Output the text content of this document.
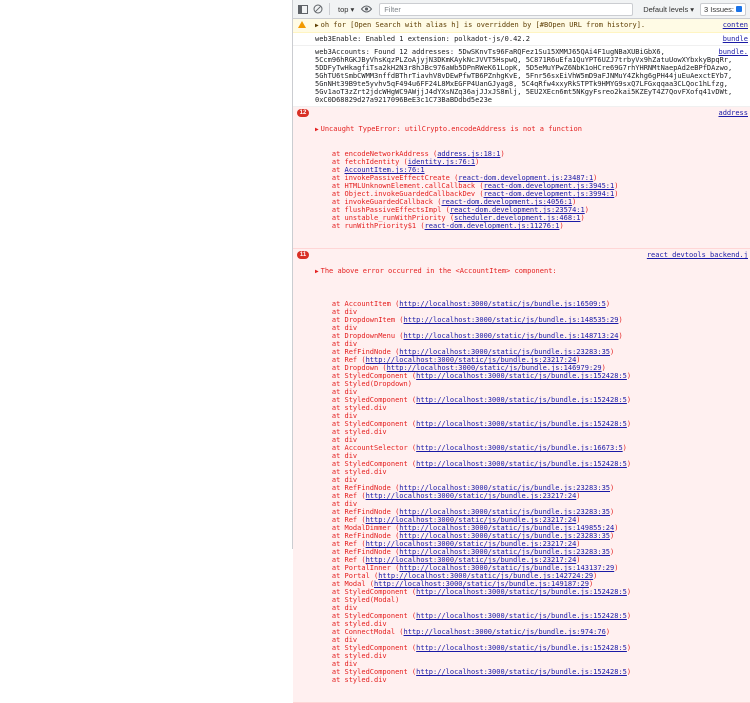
top ▾	Filter	Default levels ▾ 3 Issues:
▶ oh for [Open Search with alias h] is overridden by [#BOpen URL from history].	conten
web3Enable: Enabled 1 extension: polkadot-js/0.42.2	bundle
web3Accounts: Found 12 addresses: 5DwSKnvTs96FaRQFez1Su15XMMJ65QAi4F1ugNBaXUBiGbX6,
5Ccm96hRGKJByVhsKqzPLZoAjyjN3DKmKAykNcJVVT5HspwQ, 5C871R6uEfa1QuYPT6UZJ7trbyVx9hZatuUowXYbxkyBpqRr,
5DDFyTwHkagfiTsa2kH2N3r8hJBc976aWb5DPnRWeK61LopK, 5D5eMuYPwZ6NbK1oHCre69G7rhYHRNMtNaepAd2eBPfDAzwo,
5GhTU6tSmbCWMM3nffdBThrTiavhV8vDEwPfwTB6PZnhgKvE, 5Fnr56sxEiVhW5mD9aFJNMuY4Zkhg6gPH44juEuAexctEYb7,
5GnNHt39B9te5yvhv5qF494u6FF24L8MxEGFP4UanGJyag8, 5C4qRfw4xxyRkSTPTk9HMYG9sxQ7LFGxqqaa3CLQoc1hLfzg,
5Gv1aoT3zZrt2jdcWHgWC9AWjjJ4dYXsNZq36ajJJxJS8mlj, 5EU2XEcn6mt5NKgyFsreo2kai5KZEyT4Z7QovFXofq41vDWt,
0xC0D68829d27a9217096BeE3c1C73BaBDdbd5e23e
bundle.
12

▶ Uncaught TypeError: utilCrypto.encodeAddress is not a function

at encodeNetworkAddress (address.js:18:1)
at fetchIdentity (identity.js:76:1)
at AccountItem.js:76:1
at invokePassiveEffectCreate (react-dom.development.js:23487:1)
at HTMLUnknownElement.callCallback (react-dom.development.js:3945:1)
at Object.invokeGuardedCallbackDev (react-dom.development.js:3994:1)
at invokeGuardedCallback (react-dom.development.js:4056:1)
at flushPassiveEffectsImpl (react-dom.development.js:23574:1)
at unstable_runWithPriority (scheduler.development.js:468:1)
at runWithPriority$1 (react-dom.development.js:11276:1)

address
11

▶ The above error occurred in the <AccountItem> component:

at AccountItem (http://localhost:3000/static/js/bundle.js:16509:5)
at div
at DropdownItem (http://localhost:3000/static/js/bundle.js:148535:29)
at div
at DropdownMenu (http://localhost:3000/static/js/bundle.js:148713:24)
at div
at RefFindNode (http://localhost:3000/static/js/bundle.js:23283:35)
at Ref (http://localhost:3000/static/js/bundle.js:23217:24)
at Dropdown (http://localhost:3000/static/js/bundle.js:146979:29)
at StyledComponent (http://localhost:3000/static/js/bundle.js:152428:5)
at Styled(Dropdown)
at div
at StyledComponent (http://localhost:3000/static/js/bundle.js:152428:5)
at styled.div
at div
at StyledComponent (http://localhost:3000/static/js/bundle.js:152428:5)
at styled.div
at div
at AccountSelector (http://localhost:3000/static/js/bundle.js:16673:5)
at div
at StyledComponent (http://localhost:3000/static/js/bundle.js:152428:5)
at styled.div
at div
at RefFindNode (http://localhost:3000/static/js/bundle.js:23283:35)
at Ref (http://localhost:3000/static/js/bundle.js:23217:24)
at div
at RefFindNode (http://localhost:3000/static/js/bundle.js:23283:35)
at Ref (http://localhost:3000/static/js/bundle.js:23217:24)
at ModalDimmer (http://localhost:3000/static/js/bundle.js:149855:24)
at RefFindNode (http://localhost:3000/static/js/bundle.js:23283:35)
at Ref (http://localhost:3000/static/js/bundle.js:23217:24)
at RefFindNode (http://localhost:3000/static/js/bundle.js:23283:35)
at Ref (http://localhost:3000/static/js/bundle.js:23217:24)
at PortalInner (http://localhost:3000/static/js/bundle.js:143137:29)
at Portal (http://localhost:3000/static/js/bundle.js:142724:29)
at Modal (http://localhost:3000/static/js/bundle.js:149187:29)
at StyledComponent (http://localhost:3000/static/js/bundle.js:152428:5)
at Styled(Modal)
at div
at StyledComponent (http://localhost:3000/static/js/bundle.js:152428:5)
at styled.div
at ConnectModal (http://localhost:3000/static/js/bundle.js:974:76)
at div
at StyledComponent (http://localhost:3000/static/js/bundle.js:152428:5)
at styled.div
at div
at StyledComponent (http://localhost:3000/static/js/bundle.js:152428:5)
at styled.div

react_devtools_backend.j
